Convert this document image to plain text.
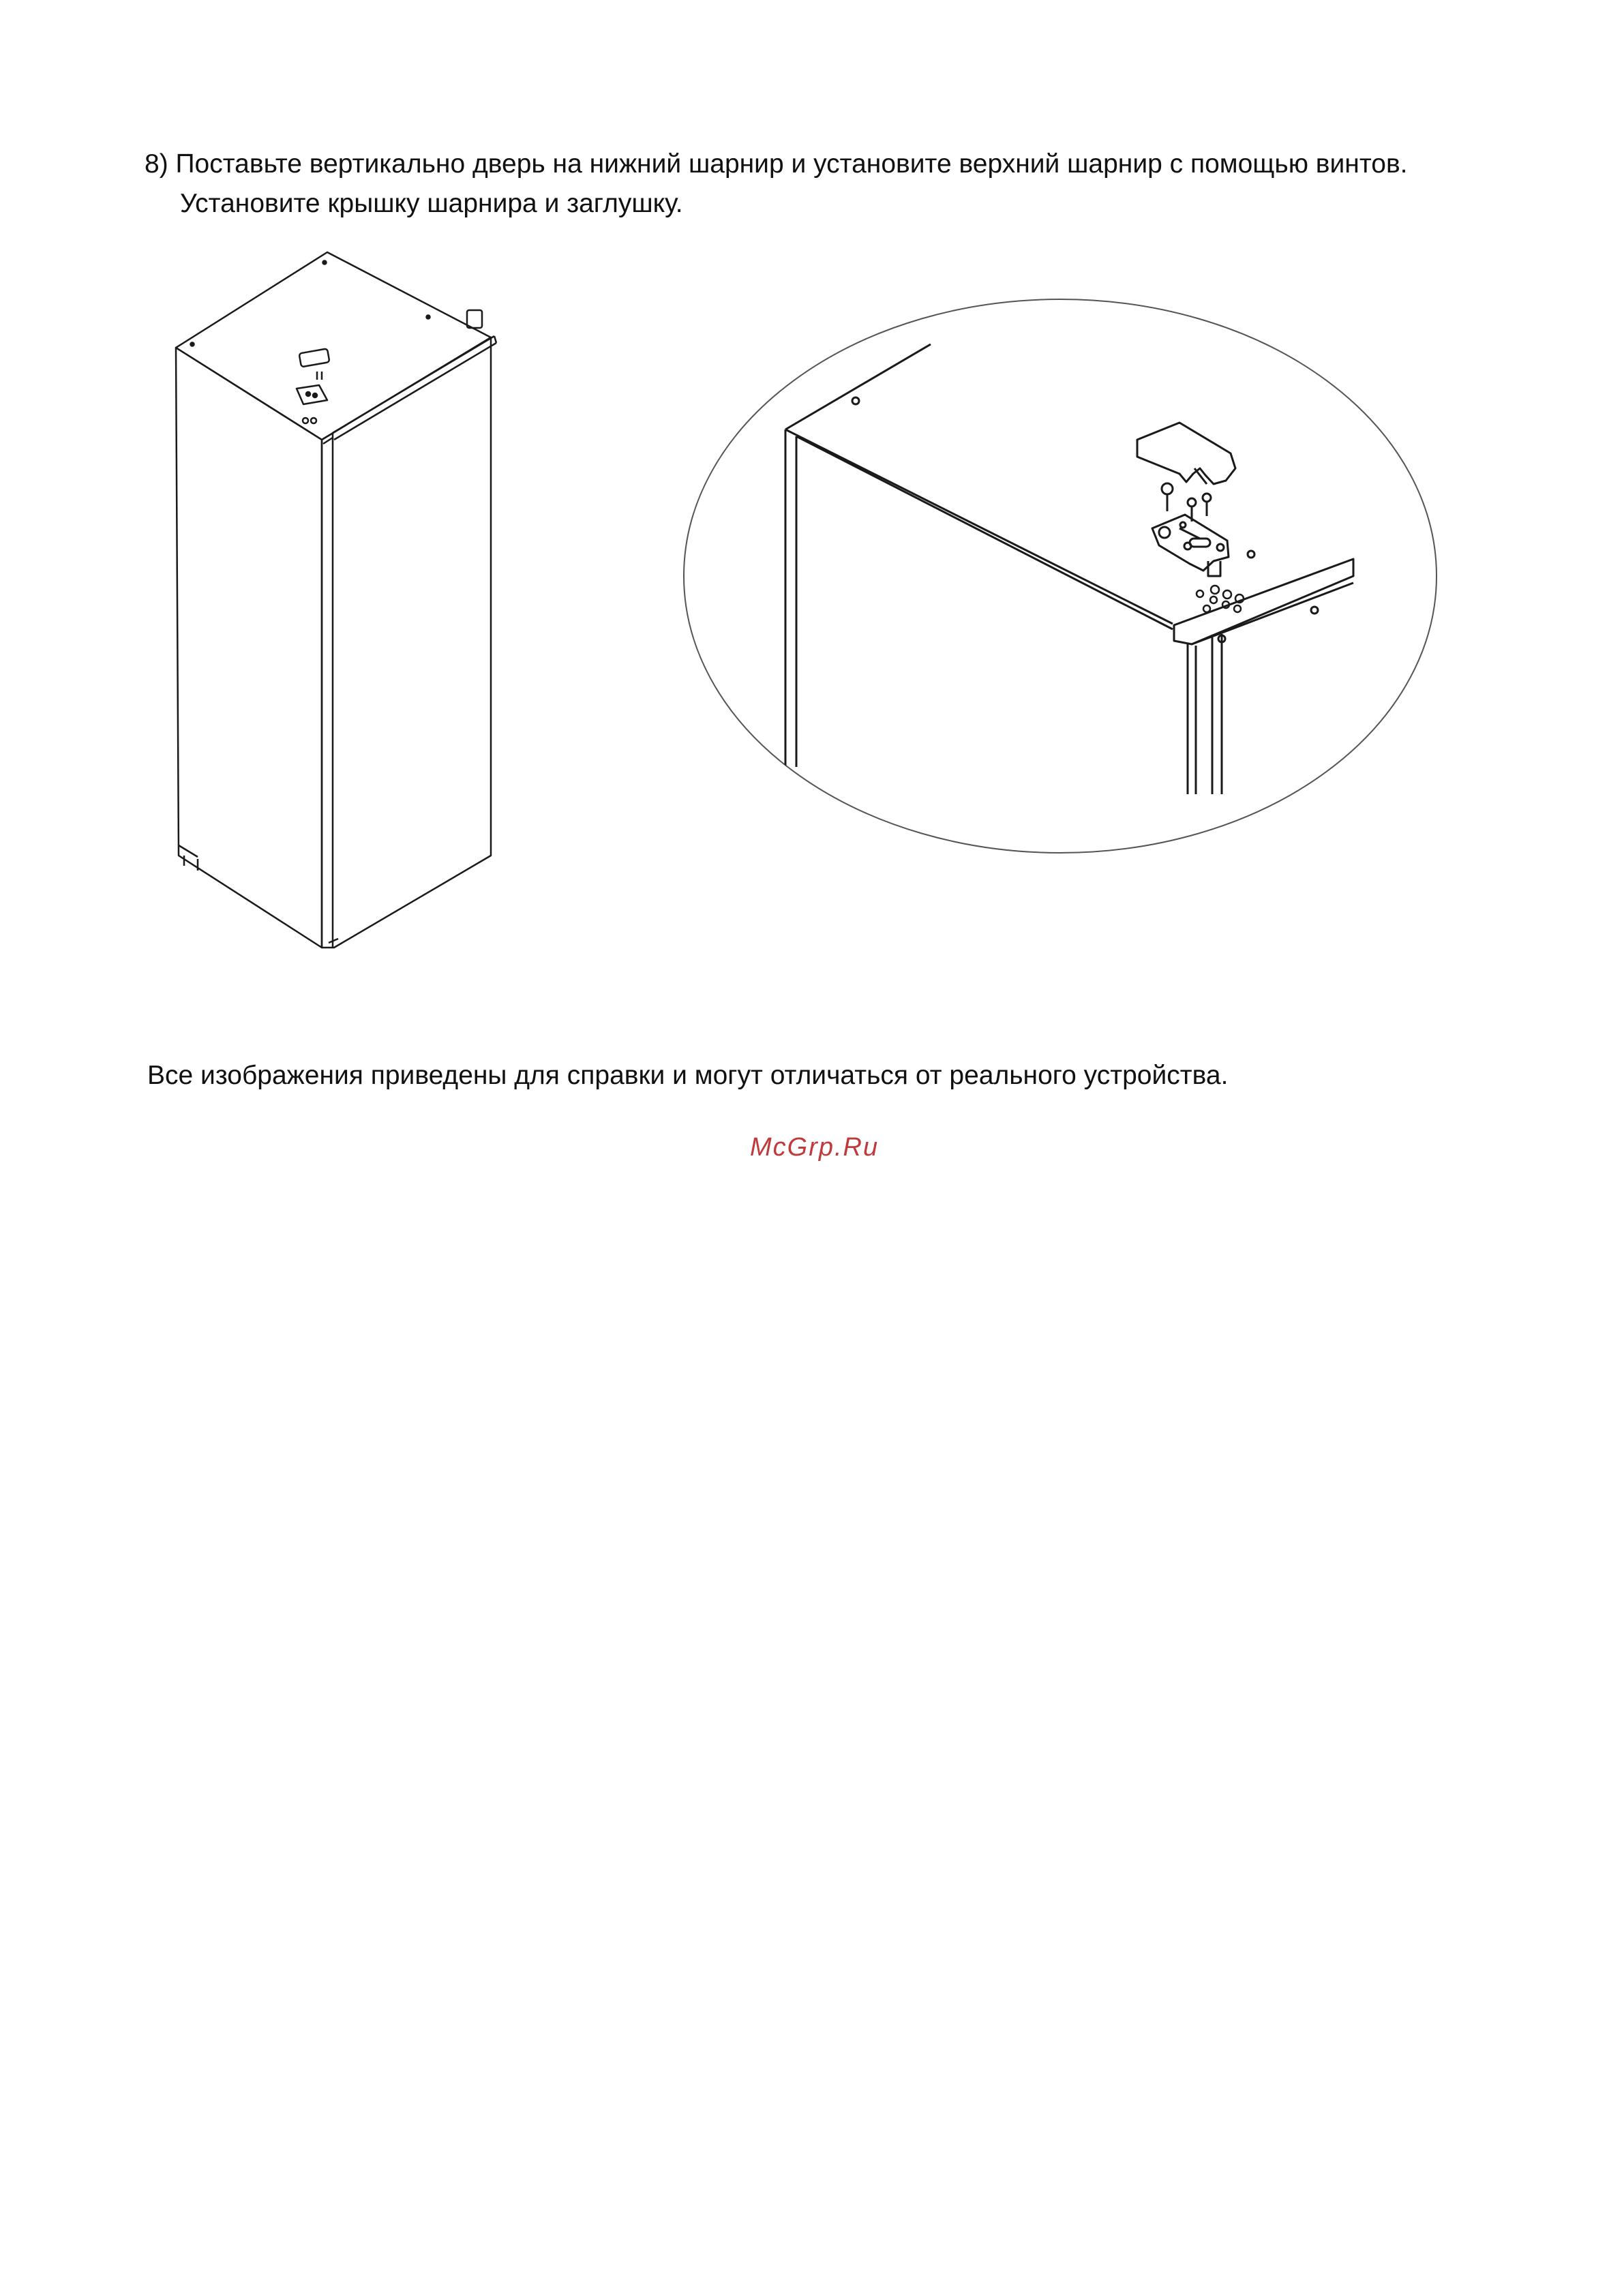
8) Поставьте вертикально дверь на нижний шарнир и установите верхний шарнир с помощью винтов.
Установите крышку шарнира и заглушку.

Все изображения приведены для справки и могут отличаться от реального устройства.

McGrp.Ru
